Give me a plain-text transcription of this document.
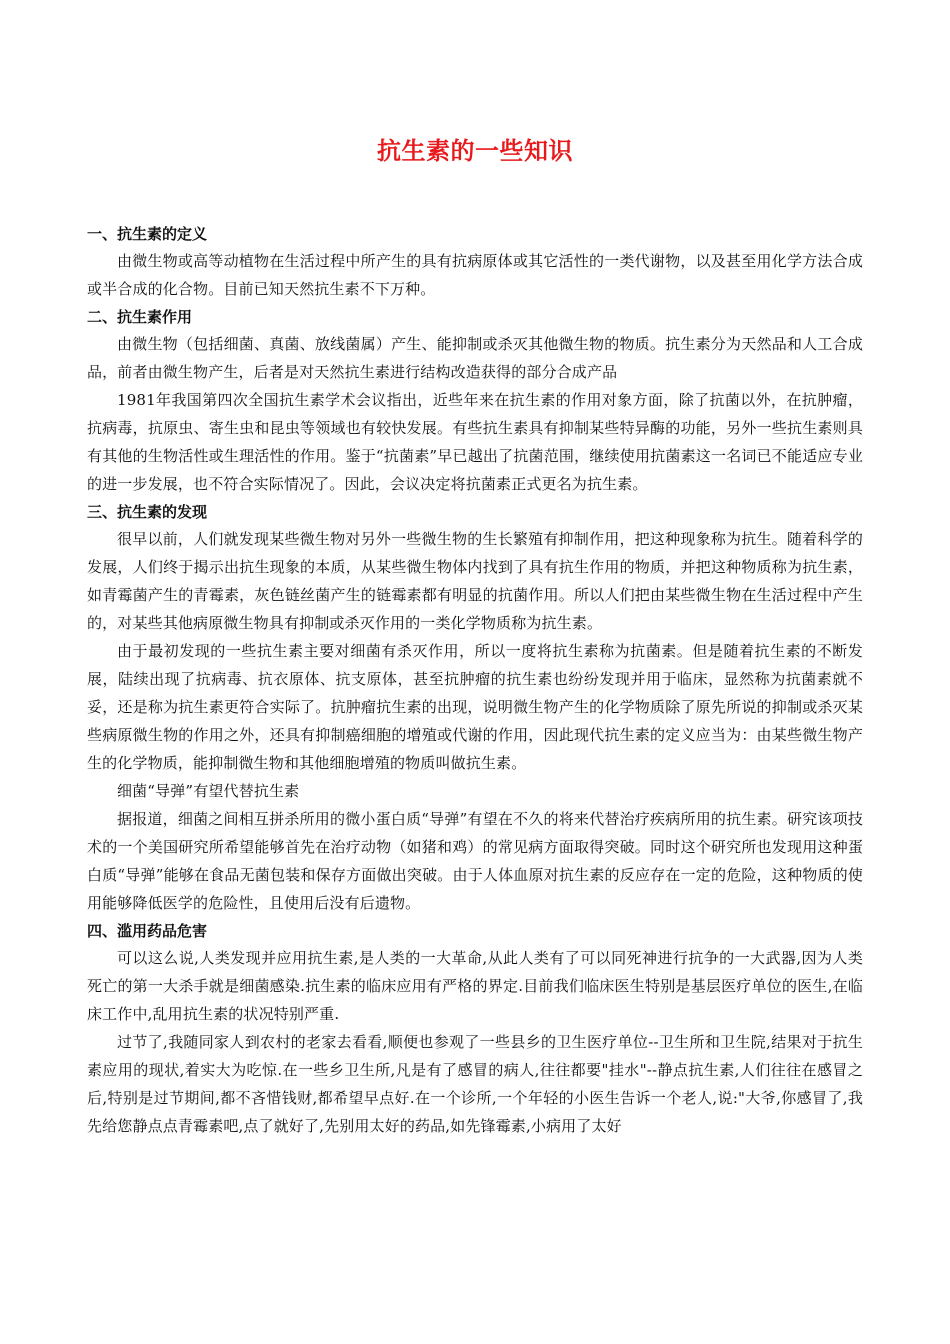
抗生素的一些知识
一、抗生素的定义

由微生物或高等动植物在生活过程中所产生的具有抗病原体或其它活性的一类代谢物，以及甚至用化学方法合成或半合成的化合物。目前已知天然抗生素不下万种。

二、抗生素作用

由微生物（包括细菌、真菌、放线菌属）产生、能抑制或杀灭其他微生物的物质。抗生素分为天然品和人工合成品，前者由微生物产生，后者是对天然抗生素进行结构改造获得的部分合成产品

1981年我国第四次全国抗生素学术会议指出，近些年来在抗生素的作用对象方面，除了抗菌以外，在抗肿瘤，抗病毒，抗原虫、寄生虫和昆虫等领域也有较快发展。有些抗生素具有抑制某些特异酶的功能，另外一些抗生素则具有其他的生物活性或生理活性的作用。鉴于“抗菌素”早已越出了抗菌范围，继续使用抗菌素这一名词已不能适应专业的进一步发展，也不符合实际情况了。因此，会议决定将抗菌素正式更名为抗生素。

三、抗生素的发现

很早以前，人们就发现某些微生物对另外一些微生物的生长繁殖有抑制作用，把这种现象称为抗生。随着科学的发展，人们终于揭示出抗生现象的本质，从某些微生物体内找到了具有抗生作用的物质，并把这种物质称为抗生素，如青霉菌产生的青霉素，灰色链丝菌产生的链霉素都有明显的抗菌作用。所以人们把由某些微生物在生活过程中产生的，对某些其他病原微生物具有抑制或杀灭作用的一类化学物质称为抗生素。

由于最初发现的一些抗生素主要对细菌有杀灭作用，所以一度将抗生素称为抗菌素。但是随着抗生素的不断发展，陆续出现了抗病毒、抗衣原体、抗支原体，甚至抗肿瘤的抗生素也纷纷发现并用于临床，显然称为抗菌素就不妥，还是称为抗生素更符合实际了。抗肿瘤抗生素的出现，说明微生物产生的化学物质除了原先所说的抑制或杀灭某些病原微生物的作用之外，还具有抑制癌细胞的增殖或代谢的作用，因此现代抗生素的定义应当为：由某些微生物产生的化学物质，能抑制微生物和其他细胞增殖的物质叫做抗生素。

细菌“导弹”有望代替抗生素

据报道，细菌之间相互拼杀所用的微小蛋白质“导弹”有望在不久的将来代替治疗疾病所用的抗生素。研究该项技术的一个美国研究所希望能够首先在治疗动物（如猪和鸡）的常见病方面取得突破。同时这个研究所也发现用这种蛋白质“导弹”能够在食品无菌包装和保存方面做出突破。由于人体血原对抗生素的反应存在一定的危险，这种物质的使用能够降低医学的危险性，且使用后没有后遗物。

四、滥用药品危害

可以这么说,人类发现并应用抗生素,是人类的一大革命,从此人类有了可以同死神进行抗争的一大武器,因为人类死亡的第一大杀手就是细菌感染.抗生素的临床应用有严格的界定.目前我们临床医生特别是基层医疗单位的医生,在临床工作中,乱用抗生素的状况特别严重.

过节了,我随同家人到农村的老家去看看,顺便也参观了一些县乡的卫生医疗单位--卫生所和卫生院,结果对于抗生素应用的现状,着实大为吃惊.在一些乡卫生所,凡是有了感冒的病人,往往都要"挂水"--静点抗生素,人们往往在感冒之后,特别是过节期间,都不吝惜钱财,都希望早点好.在一个诊所,一个年轻的小医生告诉一个老人,说:"大爷,你感冒了,我先给您静点点青霉素吧,点了就好了,先别用太好的药品,如先锋霉素,小病用了太好
